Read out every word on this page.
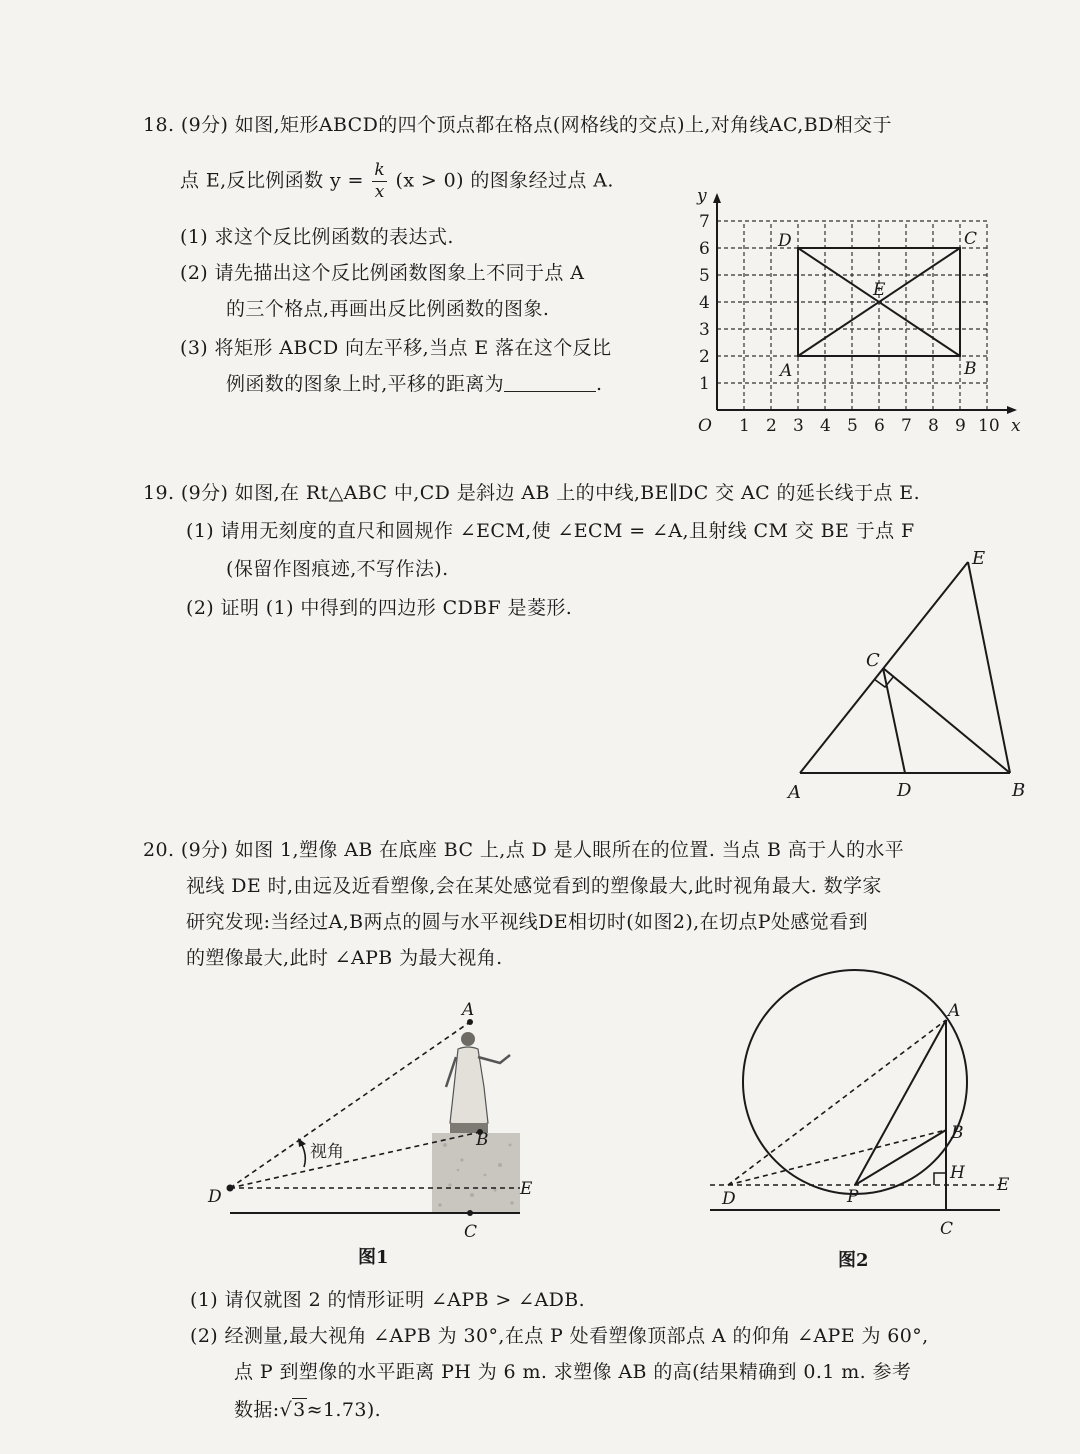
18. (9分) 如图,矩形ABCD的四个顶点都在格点(网格线的交点)上,对角线AC,BD相交于
点 E,反比例函数 $y = \frac{k}{x} (x > 0)$ 的图象经过点 A.
(1) 求这个反比例函数的表达式.
(2) 请先描出这个反比例函数图象上不同于点 A
的三个格点,再画出反比例函数的图象.
(3) 将矩形 ABCD 向左平移,当点 E 落在这个反比
例函数的图象上时,平移的距离为	.
1 2 3 4 5 6 7 8 9 10
1
2
3
4
5
6
7
O	x
y
A	B
C
D
E
19. (9分) 如图,在 Rt△ABC 中,CD 是斜边 AB 上的中线,BE∥DC 交 AC 的延长线于点 E.
(1) 请用无刻度的直尺和圆规作 ∠ECM,使 ∠ECM = ∠A,且射线 CM 交 BE 于点 F
(保留作图痕迹,不写作法).
(2) 证明 (1) 中得到的四边形 CDBF 是菱形.
A	B
C
D
E
20. (9分) 如图 1,塑像 AB 在底座 BC 上,点 D 是人眼所在的位置. 当点 B 高于人的水平
视线 DE 时,由远及近看塑像,会在某处感觉看到的塑像最大,此时视角最大. 数学家
研究发现:当经过A,B两点的圆与水平视线DE相切时(如图2),在切点P处感觉看到
的塑像最大,此时 ∠APB 为最大视角.
视角
A
B
C
D	E
图1
A
B
H
E
D	P
C
图2
(1) 请仅就图 2 的情形证明 ∠APB > ∠ADB.
(2) 经测量,最大视角 ∠APB 为 30°,在点 P 处看塑像顶部点 A 的仰角 ∠APE 为 60°,
点 P 到塑像的水平距离 PH 为 6 m. 求塑像 AB 的高(结果精确到 0.1 m. 参考
数据:√3≈1.73).
